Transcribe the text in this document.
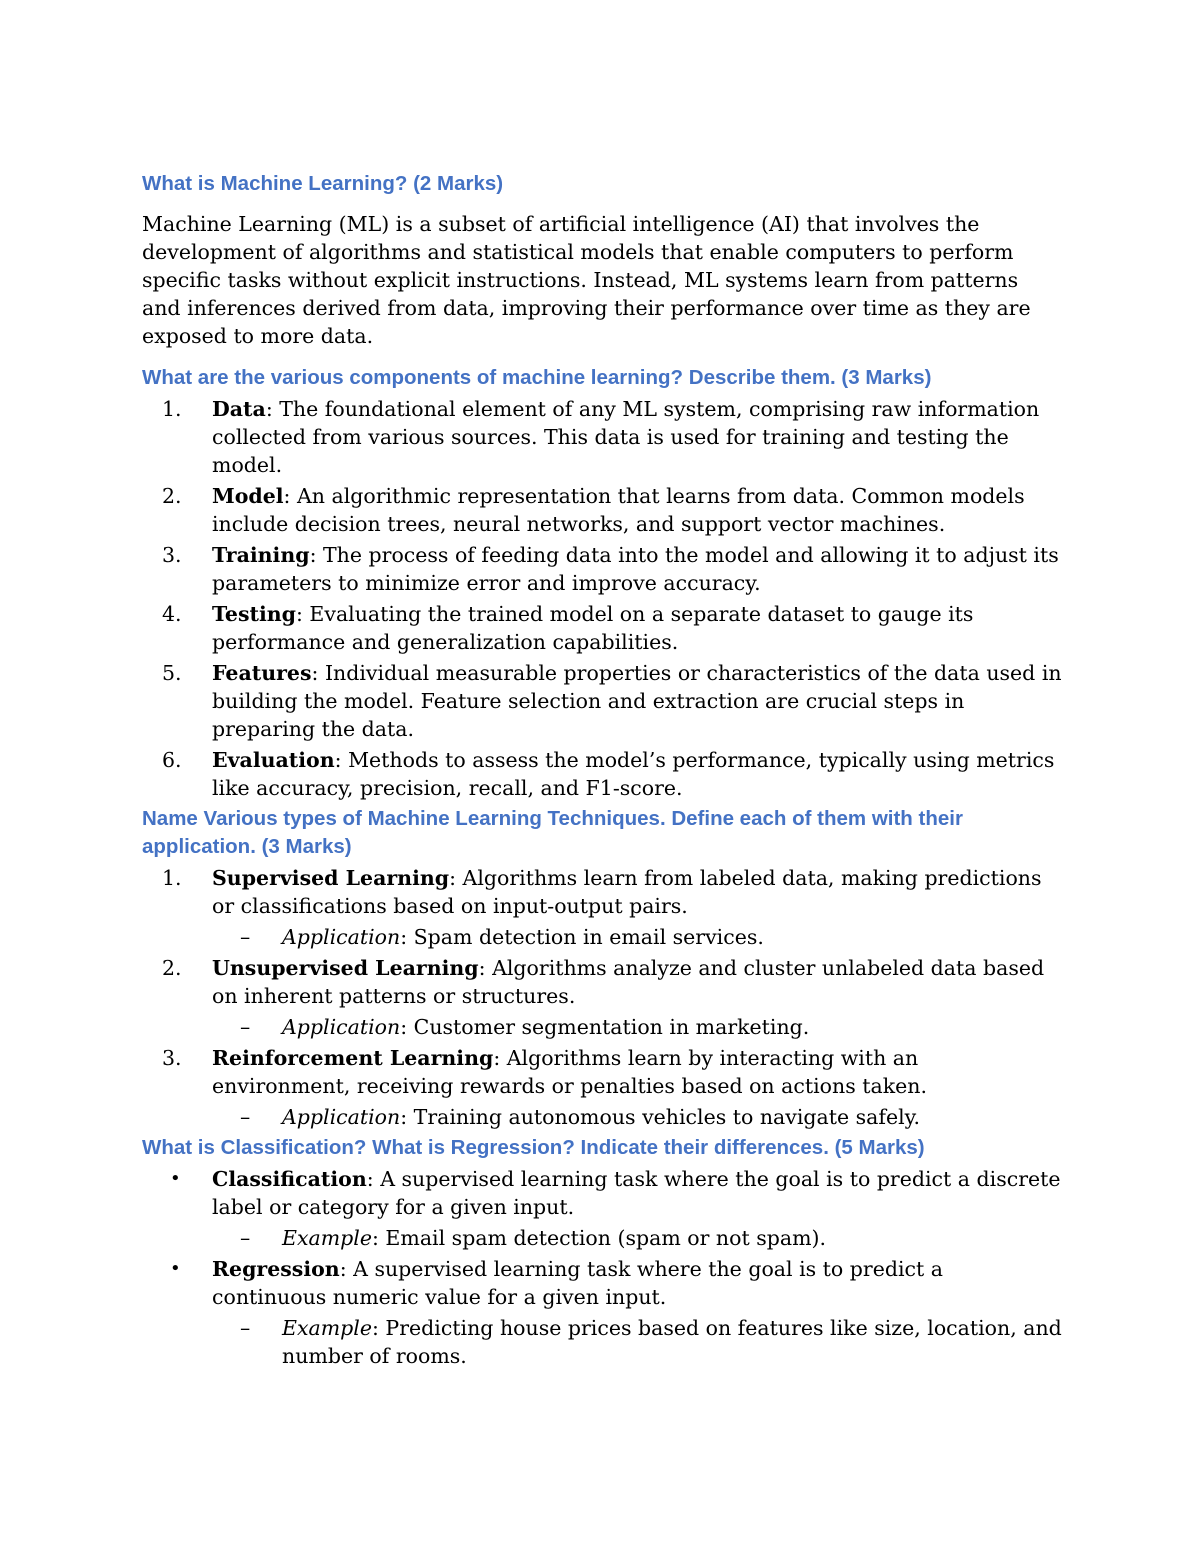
What is Machine Learning? (2 Marks)

Machine Learning (ML) is a subset of artificial intelligence (AI) that involves the development of algorithms and statistical models that enable computers to perform specific tasks without explicit instructions. Instead, ML systems learn from patterns and inferences derived from data, improving their performance over time as they are exposed to more data.

What are the various components of machine learning? Describe them. (3 Marks)
1.	Data: The foundational element of any ML system, comprising raw information collected from various sources. This data is used for training and testing the model.
2.	Model: An algorithmic representation that learns from data. Common models include decision trees, neural networks, and support vector machines.
3.	Training: The process of feeding data into the model and allowing it to adjust its parameters to minimize error and improve accuracy.
4.	Testing: Evaluating the trained model on a separate dataset to gauge its performance and generalization capabilities.
5.	Features: Individual measurable properties or characteristics of the data used in building the model. Feature selection and extraction are crucial steps in preparing the data.
6.	Evaluation: Methods to assess the model’s performance, typically using metrics like accuracy, precision, recall, and F1-score.
Name Various types of Machine Learning Techniques. Define each of them with their application. (3 Marks)
1.	Supervised Learning: Algorithms learn from labeled data, making predictions or classifications based on input-output pairs.
– Application: Spam detection in email services.
2.	Unsupervised Learning: Algorithms analyze and cluster unlabeled data based on inherent patterns or structures.
– Application: Customer segmentation in marketing.
3.	Reinforcement Learning: Algorithms learn by interacting with an environment, receiving rewards or penalties based on actions taken.
– Application: Training autonomous vehicles to navigate safely.
What is Classification? What is Regression? Indicate their differences. (5 Marks)
•	Classification: A supervised learning task where the goal is to predict a discrete label or category for a given input.
– Example: Email spam detection (spam or not spam).
•	Regression: A supervised learning task where the goal is to predict a continuous numeric value for a given input.
– Example: Predicting house prices based on features like size, location, and number of rooms.
